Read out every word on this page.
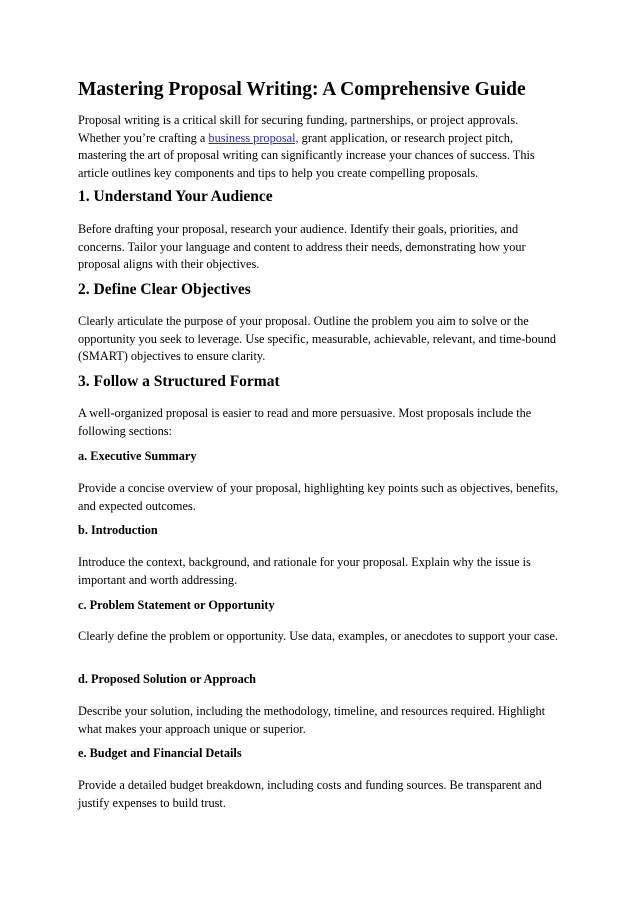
Mastering Proposal Writing: A Comprehensive Guide

Proposal writing is a critical skill for securing funding, partnerships, or project approvals. Whether you’re crafting a business proposal, grant application, or research project pitch, mastering the art of proposal writing can significantly increase your chances of success. This article outlines key components and tips to help you create compelling proposals.

1. Understand Your Audience

Before drafting your proposal, research your audience. Identify their goals, priorities, and concerns. Tailor your language and content to address their needs, demonstrating how your proposal aligns with their objectives.

2. Define Clear Objectives

Clearly articulate the purpose of your proposal. Outline the problem you aim to solve or the opportunity you seek to leverage. Use specific, measurable, achievable, relevant, and time-bound (SMART) objectives to ensure clarity.

3. Follow a Structured Format

A well-organized proposal is easier to read and more persuasive. Most proposals include the following sections:

a. Executive Summary

Provide a concise overview of your proposal, highlighting key points such as objectives, benefits, and expected outcomes.

b. Introduction

Introduce the context, background, and rationale for your proposal. Explain why the issue is important and worth addressing.

c. Problem Statement or Opportunity

Clearly define the problem or opportunity. Use data, examples, or anecdotes to support your case.

d. Proposed Solution or Approach

Describe your solution, including the methodology, timeline, and resources required. Highlight what makes your approach unique or superior.

e. Budget and Financial Details

Provide a detailed budget breakdown, including costs and funding sources. Be transparent and justify expenses to build trust.
